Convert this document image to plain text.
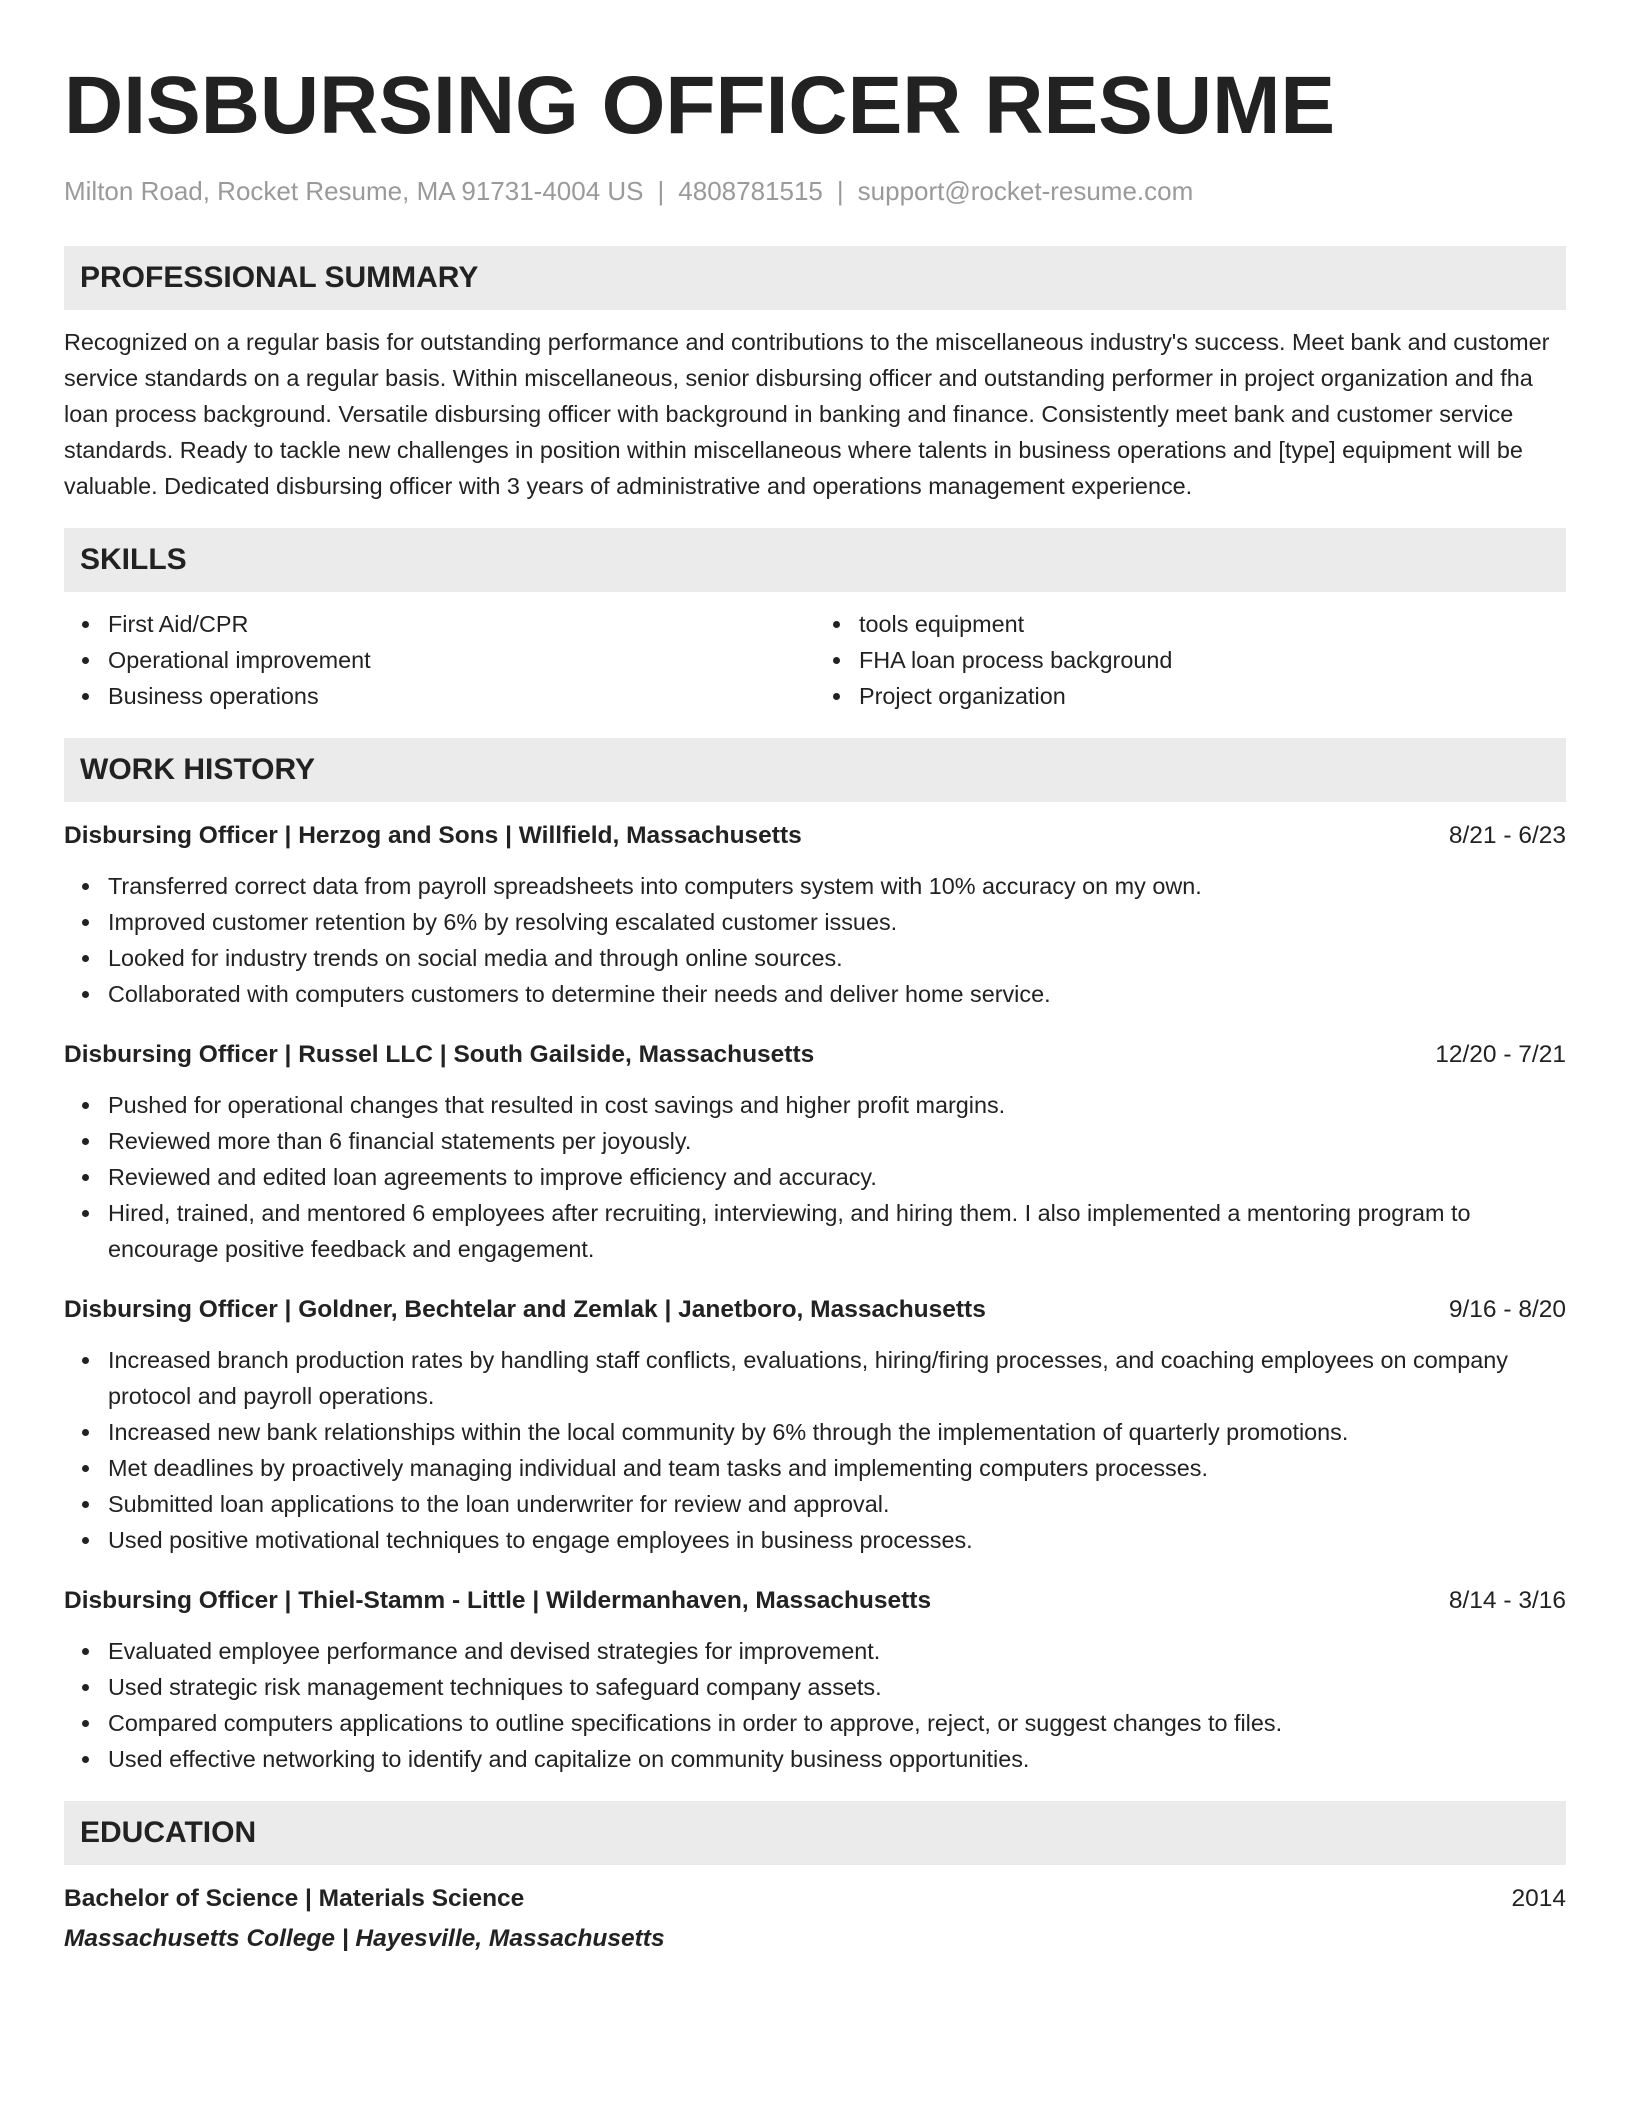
DISBURSING OFFICER RESUME
Milton Road, Rocket Resume, MA 91731-4004 US | 4808781515 | support@rocket-resume.com
PROFESSIONAL SUMMARY

Recognized on a regular basis for outstanding performance and contributions to the miscellaneous industry's success. Meet bank and customer service standards on a regular basis. Within miscellaneous, senior disbursing officer and outstanding performer in project organization and fha loan process background. Versatile disbursing officer with background in banking and finance. Consistently meet bank and customer service standards. Ready to tackle new challenges in position within miscellaneous where talents in business operations and [type] equipment will be valuable. Dedicated disbursing officer with 3 years of administrative and operations management experience.

SKILLS
First Aid/CPR
Operational improvement
Business operations
tools equipment
FHA loan process background
Project organization
WORK HISTORY
Disbursing Officer | Herzog and Sons | Willfield, Massachusetts	8/21 - 6/23
Transferred correct data from payroll spreadsheets into computers system with 10% accuracy on my own.
Improved customer retention by 6% by resolving escalated customer issues.
Looked for industry trends on social media and through online sources.
Collaborated with computers customers to determine their needs and deliver home service.
Disbursing Officer | Russel LLC | South Gailside, Massachusetts	12/20 - 7/21
Pushed for operational changes that resulted in cost savings and higher profit margins.
Reviewed more than 6 financial statements per joyously.
Reviewed and edited loan agreements to improve efficiency and accuracy.
Hired, trained, and mentored 6 employees after recruiting, interviewing, and hiring them. I also implemented a mentoring program to encourage positive feedback and engagement.
Disbursing Officer | Goldner, Bechtelar and Zemlak | Janetboro, Massachusetts	9/16 - 8/20
Increased branch production rates by handling staff conflicts, evaluations, hiring/firing processes, and coaching employees on company protocol and payroll operations.
Increased new bank relationships within the local community by 6% through the implementation of quarterly promotions.
Met deadlines by proactively managing individual and team tasks and implementing computers processes.
Submitted loan applications to the loan underwriter for review and approval.
Used positive motivational techniques to engage employees in business processes.
Disbursing Officer | Thiel-Stamm - Little | Wildermanhaven, Massachusetts	8/14 - 3/16
Evaluated employee performance and devised strategies for improvement.
Used strategic risk management techniques to safeguard company assets.
Compared computers applications to outline specifications in order to approve, reject, or suggest changes to files.
Used effective networking to identify and capitalize on community business opportunities.
EDUCATION
Bachelor of Science | Materials Science	2014
Massachusetts College | Hayesville, Massachusetts
